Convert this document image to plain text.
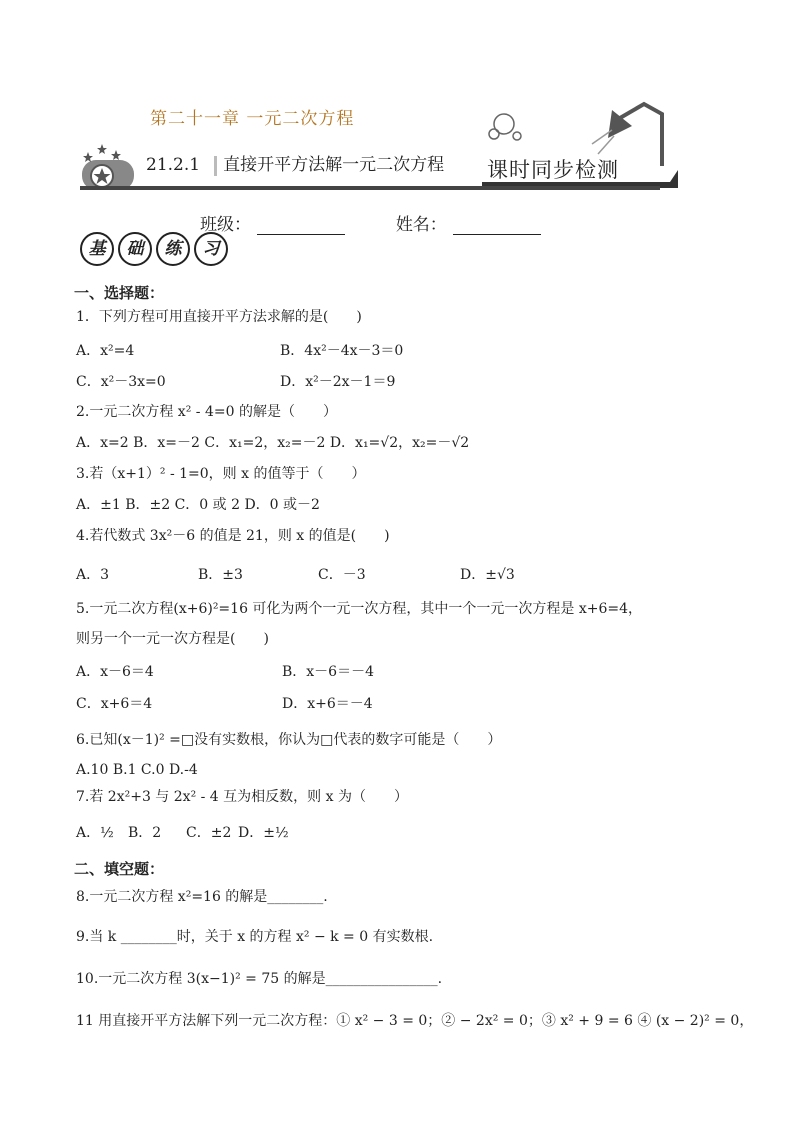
第二十一章 一元二次方程
21.2.1 直接开平方法解一元二次方程 课时同步检测
班级：	姓名：
基 础 练 习
一、选择题：
1．下列方程可用直接开平方法求解的是(　　)
A．x²=4	B．4x²－4x－3＝0
C．x²－3x=0	D．x²－2x－1＝9
2.一元二次方程 x² - 4=0 的解是（　　）
A．x=2 B．x=－2 C．x₁=2，x₂=－2 D．x₁=√2，x₂=－√2
3.若（x+1）² - 1=0，则 x 的值等于（　　）
A．±1 B．±2 C．0 或 2 D．0 或－2
4.若代数式 3x²－6 的值是 21，则 x 的值是(　　)
A．3	B．±3	C．－3	D．±√3
5.一元二次方程(x+6)²=16 可化为两个一元一次方程，其中一个一元一次方程是 x+6=4，
则另一个一元一次方程是(　　)
A．x－6＝4	B．x－6＝－4
C．x+6＝4	D．x+6＝－4
6.已知(x－1)² =□没有实数根，你认为□代表的数字可能是（　　）
A.10 B.1 C.0 D.-4
7.若 2x²+3 与 2x² - 4 互为相反数，则 x 为（　　）
A．½ B．2 C．±2 D．±½
二、填空题：
8.一元二次方程 x²=16 的解是________.
9.当 k ________时，关于 x 的方程 x² − k = 0 有实数根.
10.一元二次方程 3(x−1)² = 75 的解是________________.
11 用直接开平方法解下列一元二次方程：① x² − 3 = 0；② − 2x² = 0；③ x² + 9 = 6 ④ (x − 2)² = 0，
